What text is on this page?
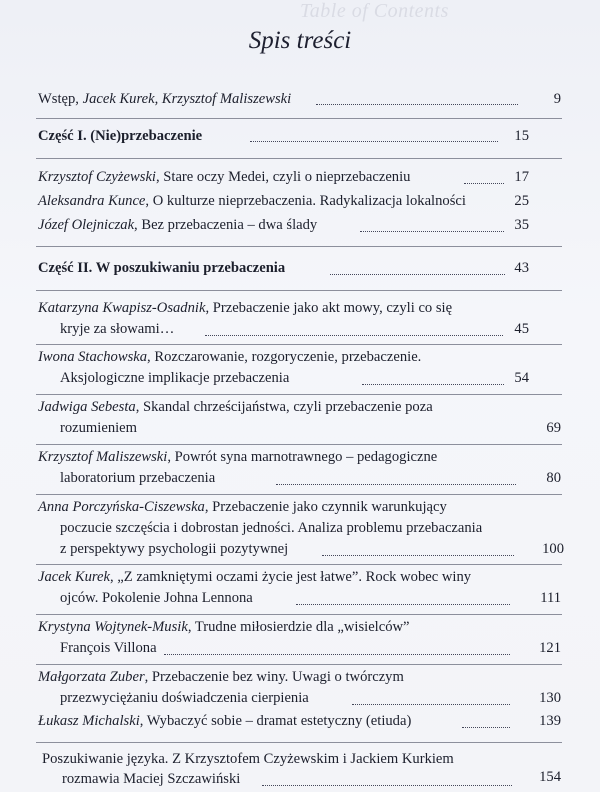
Table of Contents
Spis treści
Wstęp, Jacek Kurek, Krzysztof Maliszewski	9
Część I. (Nie)przebaczenie	15
Krzysztof Czyżewski, Stare oczy Medei, czyli o nieprzebaczeniu	17
Aleksandra Kunce, O kulturze nieprzebaczenia. Radykalizacja lokalności	25
Józef Olejniczak, Bez przebaczenia – dwa ślady	35
Część II. W poszukiwaniu przebaczenia	43
Katarzyna Kwapisz-Osadnik, Przebaczenie jako akt mowy, czyli co się
kryje za słowami…	45
Iwona Stachowska, Rozczarowanie, rozgoryczenie, przebaczenie.
Aksjologiczne implikacje przebaczenia	54
Jadwiga Sebesta, Skandal chrześcijaństwa, czyli przebaczenie poza
rozumieniem	69
Krzysztof Maliszewski, Powrót syna marnotrawnego – pedagogiczne
laboratorium przebaczenia	80
Anna Porczyńska-Ciszewska, Przebaczenie jako czynnik warunkujący
poczucie szczęścia i dobrostan jedności. Analiza problemu przebaczania
z perspektywy psychologii pozytywnej	100
Jacek Kurek, „Z zamkniętymi oczami życie jest łatwe”. Rock wobec winy
ojców. Pokolenie Johna Lennona	111
Krystyna Wojtynek-Musik, Trudne miłosierdzie dla „wisielców”
François Villona	121
Małgorzata Zuber, Przebaczenie bez winy. Uwagi o twórczym
przezwyciężaniu doświadczenia cierpienia	130
Łukasz Michalski, Wybaczyć sobie – dramat estetyczny (etiuda)	139
Poszukiwanie języka. Z Krzysztofem Czyżewskim i Jackiem Kurkiem
rozmawia Maciej Szczawiński	154
